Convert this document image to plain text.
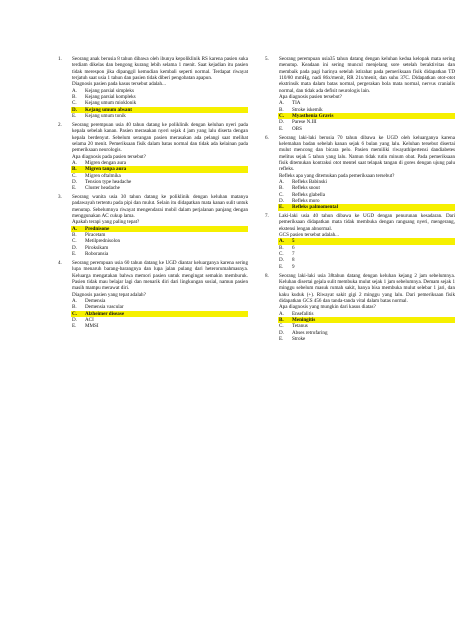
1. Seorang anak berusia 8 tahun dibawa oleh ibunya kepoliklinik RS karena pasien suka terdiam dikelas dan bengong kurang lebih selama 1 menit. Saat kejadian itu pasien tidak merespon jika dipanggil kemudian kembali seperti normal. Terdapat riwayat terjatuh saat usia 1 tahun dan pasien tidak diberi pengobatan apapun.

Diagnosis pasien pada kasus tersebut adalah...

A. Kejang parsial simpleks
B. Kejang parsial kompleks
C. Kejang umum mioklonik
D. Kejang umum absant
E. Kejang umum tonik
2. Seorang perempuan usia 40 tahun datang ke poliklinik dengan keluhan nyeri pada kepala sebelah kanan. Pasien merasakan nyeri sejak 4 jam yang lalu diserta dengan kepala berdenyut. Sebelum serangan pasien merasakan ada pelangi saat melihat selama 20 menit. Pemeriksaan fisik dalam batas normal dan tidak ada kelainan pada pemeriksaan neurologis.

Apa diagnosis pada pasien tersebut?

A. Migren dengan aura
B. Migren tanpa aura
C. Migren oftalmika
D. Tension type headache
E. Cluster headache
3. Seorang wanita usia 30 tahun datang ke poliklinik dengan keluhan matanya padawayah tertentu pada pipi dan mulut. Selain itu didapatkan mata kanan sulit untuk menutup. Sebelumnya riwayat mengendarai mobil dalam perjalanan panjang dengan menggunakan AC cukup lama.

Apakah terapi yang paling tepat?

A. Prednisone
B. Piracetam
C. Metilprednisolon
D. Piroksikam
E. Roboransia
4. Seorang perempuan usia 60 tahun datang ke UGD diantar keluarganya karena sering lupa menaruh barang-barangnya dan lupa jalan pulang dari heterorumahmasnya. Keluarga mengatakan bahwa memori pasien untuk mengingat semakin memburuk. Pasien tidak mau belajar lagi dan menarik diri dari lingkungan sosial, namun pasien masih mampu merawat diri.

Diagnosis pasien yang tepat adalah?

A. Demensia
B. Demensia vascular
C. Alzheimer disease
D. ACI
E. MMSI
5. Seorang perempuan usia35 tahun datang dengan keluhan kedua kelopak mata sering menutup. Keadaan ini sering muncul menjelang sore setelah beraktivitas dan membaik pada pagi harinya setelah istirahat pada pemeriksaan fisik didapatkan TD 110/80 mmHg, nadi 86x/menit, RR 21x/menit, dan suhu 37C. Didapatkan otot-otot ekstrinsik mata dalam batas normal, pergerakan bola mata normal, nervus cranialis normal, dan tidak ada defisit neurologis lain.

Apa diagnosis pasien tersebut?

A. TIA
B. Stroke iskemik
C. Myasthenia Gravis
D. Parese N.III
E. OBS
6. Seorang laki-laki berusia 70 tahun dibawa ke UGD oleh keluarganya karena kelemahan badan sebelah kanan sejak 6 bulan yang lalu. Keluhan tersebut disertai mulut mencong dan bicara pelo. Pasien memiliki riwayathipertensi dandiabetes melitus sejak 5 tahun yang lalu. Namun tidak rutin minum obat. Pada pemeriksaan fisik ditemukan kontraksi otot mentel saat telapak tangan di gores dengan ujung palu refleks.

Refleks apa yang ditemukan pada pemeriksaan tersebut?

A. Refleks Babinski
B. Refleks snout
C. Refleks glabella
D. Refleks moro
E. Refleks palmomental
7. Laki-laki usia 40 tahun dibawa ke UGD dengan penurunan kesadaran. Dari pemeriksaan didapatkan mata tidak membuka dengan rangsang nyeri, mengerang, ekstensi lengan abnormal.

GCS pasien tersebut adalah...

A. 5
B. 6
C. 7
D. 8
E. 9
8. Seorang laki-laki usia 38tahun datang dengan keluhan kejang 2 jam sebelumnya. Keluhan disertai gejala sulit membuka mulut sejak 1 jam sebelumnya. Demam sejak 1 minggu sebelum masuk rumah sakit, hanya bisa membuka mulut selebar 1 jari, dan kaku kuduk (+). Riwayat sakit gigi 2 minggu yang lalu. Dari pemeriksaan fisik didapatkan GCS 456 dan tanda-tanda vital dalam batas normal.

Apa diagnosis yang mungkin dari kasus diatas?

A. Ensefalitis
B. Meningitis
C. Tetanus
D. Abses retrofaring
E. Stroke
